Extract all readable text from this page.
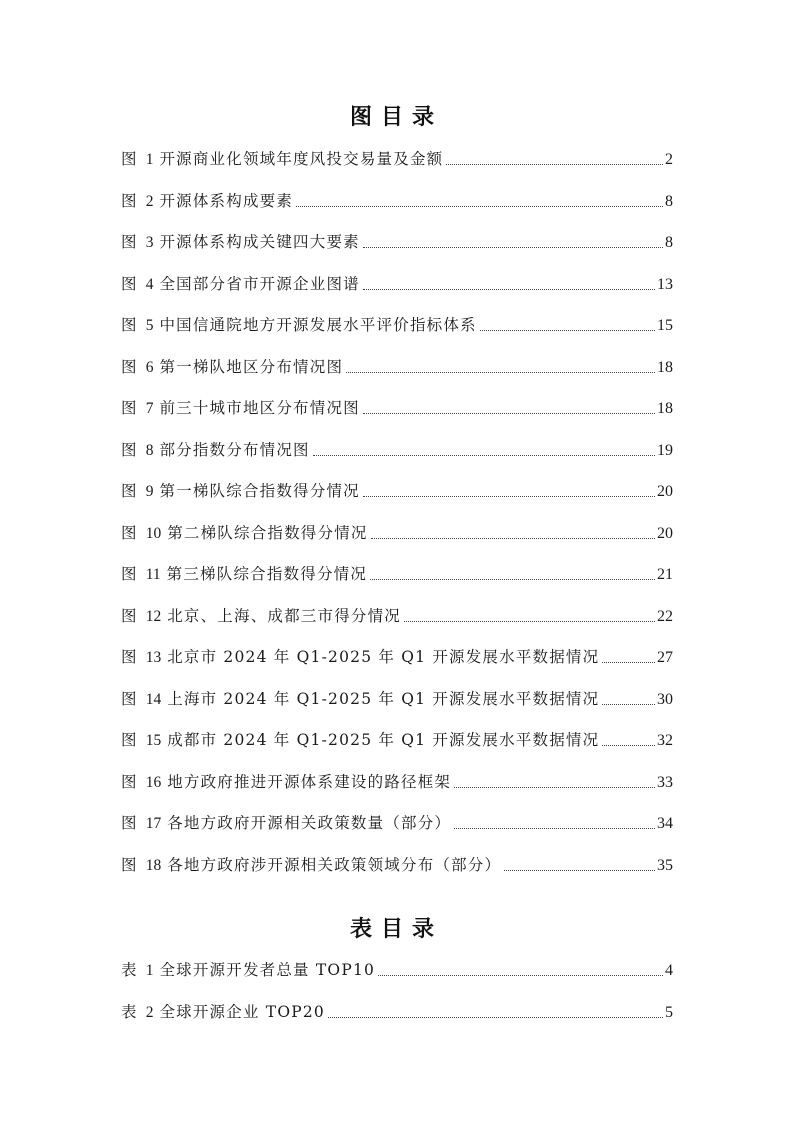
图目录
图 1 开源商业化领域年度风投交易量及金额	2
图 2 开源体系构成要素	8
图 3 开源体系构成关键四大要素	8
图 4 全国部分省市开源企业图谱	13
图 5 中国信通院地方开源发展水平评价指标体系	15
图 6 第一梯队地区分布情况图	18
图 7 前三十城市地区分布情况图	18
图 8 部分指数分布情况图	19
图 9 第一梯队综合指数得分情况	20
图 10 第二梯队综合指数得分情况	20
图 11 第三梯队综合指数得分情况	21
图 12 北京、上海、成都三市得分情况	22
图 13 北京市 2024 年 Q1-2025 年 Q1 开源发展水平数据情况	27
图 14 上海市 2024 年 Q1-2025 年 Q1 开源发展水平数据情况	30
图 15 成都市 2024 年 Q1-2025 年 Q1 开源发展水平数据情况	32
图 16 地方政府推进开源体系建设的路径框架	33
图 17 各地方政府开源相关政策数量（部分）	34
图 18 各地方政府涉开源相关政策领域分布（部分）	35
表目录
表 1 全球开源开发者总量 TOP10	4
表 2 全球开源企业 TOP20	5
